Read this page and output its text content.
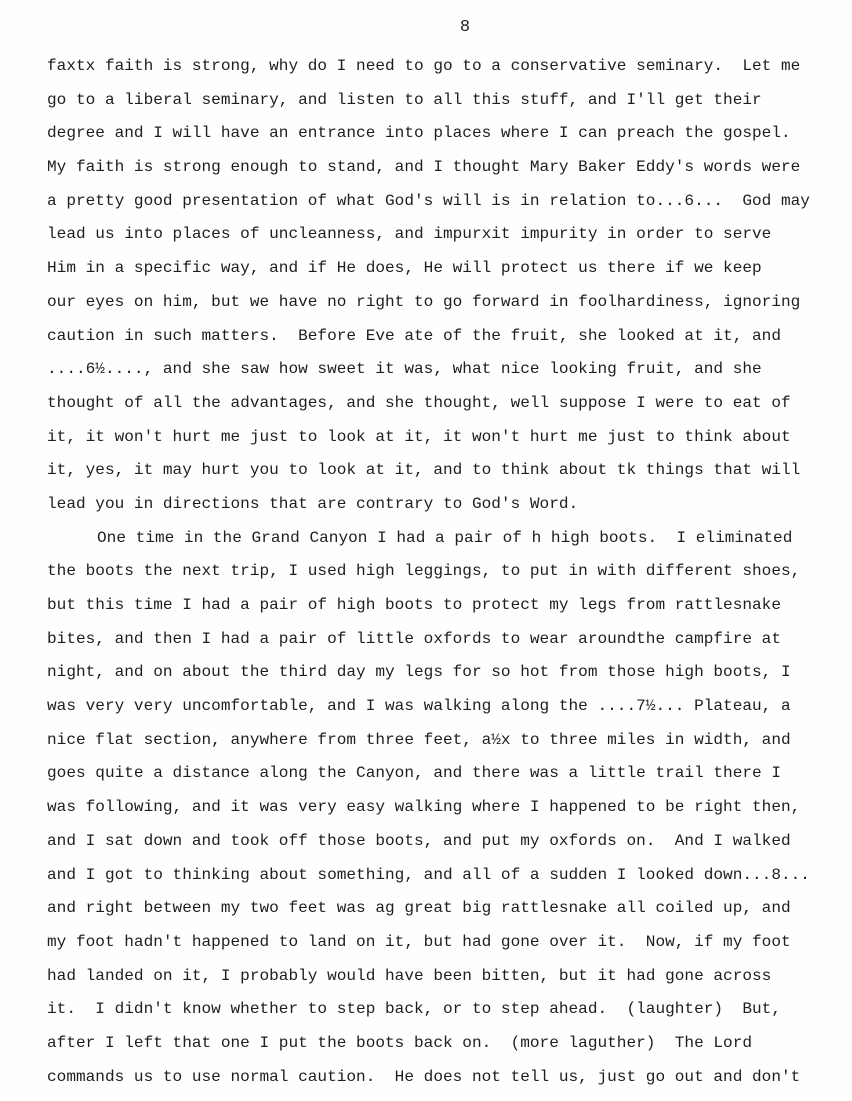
8
faxtx faith is strong, why do I need to go to a conservative seminary.  Let me
go to a liberal seminary, and listen to all this stuff, and I'll get their
degree and I will have an entrance into places where I can preach the gospel.
My faith is strong enough to stand, and I thought Mary Baker Eddy's words were
a pretty good presentation of what God's will is in relation to...6...  God may
lead us into places of uncleanness, and impurxit impurity in order to serve
Him in a specific way, and if He does, He will protect us there if we keep
our eyes on him, but we have no right to go forward in foolhardiness, ignoring
caution in such matters.  Before Eve ate of the fruit, she looked at it, and
....6½...., and she saw how sweet it was, what nice looking fruit, and she
thought of all the advantages, and she thought, well suppose I were to eat of
it, it won't hurt me just to look at it, it won't hurt me just to think about
it, yes, it may hurt you to look at it, and to think about tk things that will
lead you in directions that are contrary to God's Word.
One time in the Grand Canyon I had a pair of h high boots.  I eliminated
the boots the next trip, I used high leggings, to put in with different shoes,
but this time I had a pair of high boots to protect my legs from rattlesnake
bites, and then I had a pair of little oxfords to wear aroundthe campfire at
night, and on about the third day my legs for so hot from those high boots, I
was very very uncomfortable, and I was walking along the ....7½... Plateau, a
nice flat section, anywhere from three feet, a½x to three miles in width, and
goes quite a distance along the Canyon, and there was a little trail there I
was following, and it was very easy walking where I happened to be right then,
and I sat down and took off those boots, and put my oxfords on.  And I walked
and I got to thinking about something, and all of a sudden I looked down...8...
and right between my two feet was ag great big rattlesnake all coiled up, and
my foot hadn't happened to land on it, but had gone over it.  Now, if my foot
had landed on it, I probably would have been bitten, but it had gone across
it.  I didn't know whether to step back, or to step ahead.  (laughter)  But,
after I left that one I put the boots back on.  (more laguther)  The Lord
commands us to use normal caution.  He does not tell us, just go out and don't
